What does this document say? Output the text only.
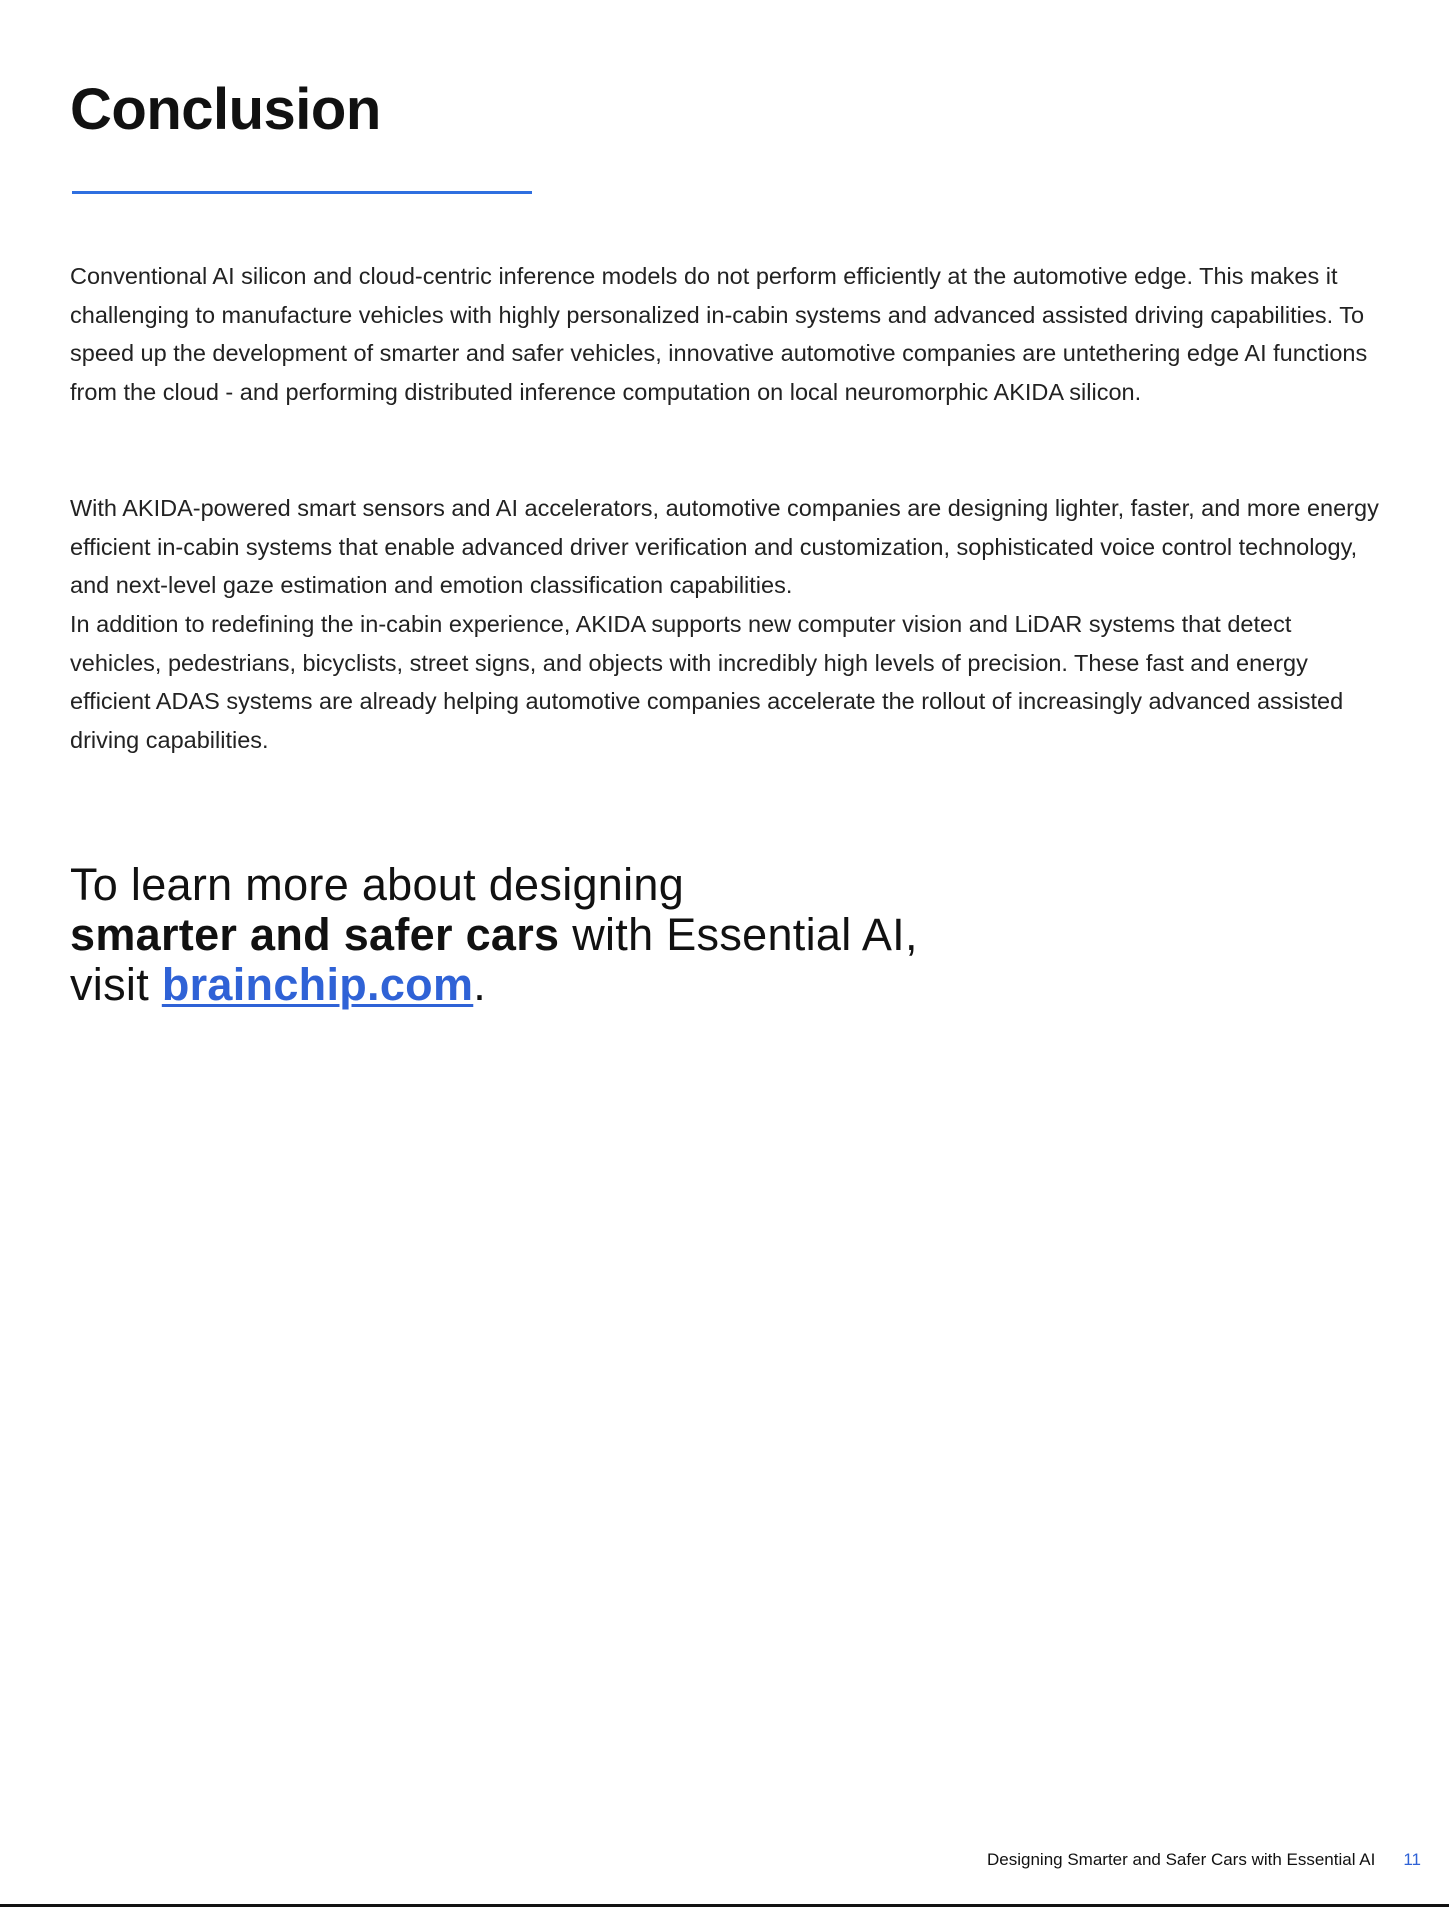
Conclusion

Conventional AI silicon and cloud-centric inference models do not perform efficiently at the automotive edge. This makes it challenging to manufacture vehicles with highly personalized in-cabin systems and advanced assisted driving capabilities. To speed up the development of smarter and safer vehicles, innovative automotive companies are untethering edge AI functions from the cloud - and performing distributed inference computation on local neuromorphic AKIDA silicon.

With AKIDA-powered smart sensors and AI accelerators, automotive companies are designing lighter, faster, and more energy efficient in-cabin systems that enable advanced driver verification and customization, sophisticated voice control technology, and next-level gaze estimation and emotion classification capabilities.

In addition to redefining the in-cabin experience, AKIDA supports new computer vision and LiDAR systems that detect vehicles, pedestrians, bicyclists, street signs, and objects with incredibly high levels of precision. These fast and energy efficient ADAS systems are already helping automotive companies accelerate the rollout of increasingly advanced assisted driving capabilities.

To learn more about designing
smarter and safer cars with Essential AI,
visit brainchip.com.

Designing Smarter and Safer Cars with Essential AI 11
